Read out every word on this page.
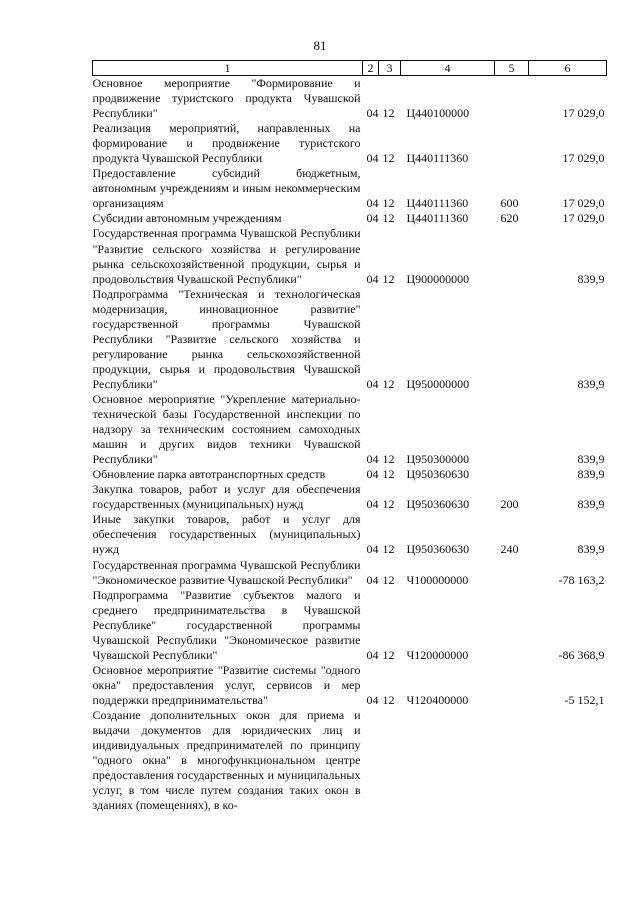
81
1	2	3	4	5	6
Основное мероприятие "Формирование и продвижение туристского продукта Чувашской Республики"	04	12	Ц440100000		17 029,0
Реализация мероприятий, направленных на формирование и продвижение туристского продукта Чувашской Республики	04	12	Ц440111360		17 029,0
Предоставление субсидий бюджетным, автономным учреждениям и иным некоммерческим организациям	04	12	Ц440111360	600	17 029,0
Субсидии автономным учреждениям	04	12	Ц440111360	620	17 029,0
Государственная программа Чувашской Республики "Развитие сельского хозяйства и регулирование рынка сельскохозяйственной продукции, сырья и продовольствия Чувашской Республики"	04	12	Ц900000000		839,9
Подпрограмма "Техническая и технологическая модернизация, инновационное развитие" государственной программы Чувашской Республики "Развитие сельского хозяйства и регулирование рынка сельскохозяйственной продукции, сырья и продовольствия Чувашской Республики"	04	12	Ц950000000		839,9
Основное мероприятие "Укрепление материально-технической базы Государственной инспекции по надзору за техническим состоянием самоходных машин и других видов техники Чувашской Республики"	04	12	Ц950300000		839,9
Обновление парка автотранспортных средств	04	12	Ц950360630		839,9
Закупка товаров, работ и услуг для обеспечения государственных (муниципальных) нужд	04	12	Ц950360630	200	839,9
Иные закупки товаров, работ и услуг для обеспечения государственных (муниципальных) нужд	04	12	Ц950360630	240	839,9
Государственная программа Чувашской Республики "Экономическое развитие Чувашской Республики"	04	12	Ч100000000		-78 163,2
Подпрограмма "Развитие субъектов малого и среднего предпринимательства в Чувашской Республике" государственной программы Чувашской Республики "Экономическое развитие Чувашской Республики"	04	12	Ч120000000		-86 368,9
Основное мероприятие "Развитие системы "одного окна" предоставления услуг, сервисов и мер поддержки предпринимательства"	04	12	Ч120400000		-5 152,1
Создание дополнительных окон для приема и выдачи документов для юридических лиц и индивидуальных предпринимателей по принципу "одного окна" в многофункциональном центре предоставления государственных и муниципальных услуг, в том числе путем создания таких окон в зданиях (помещениях), в ко-					
